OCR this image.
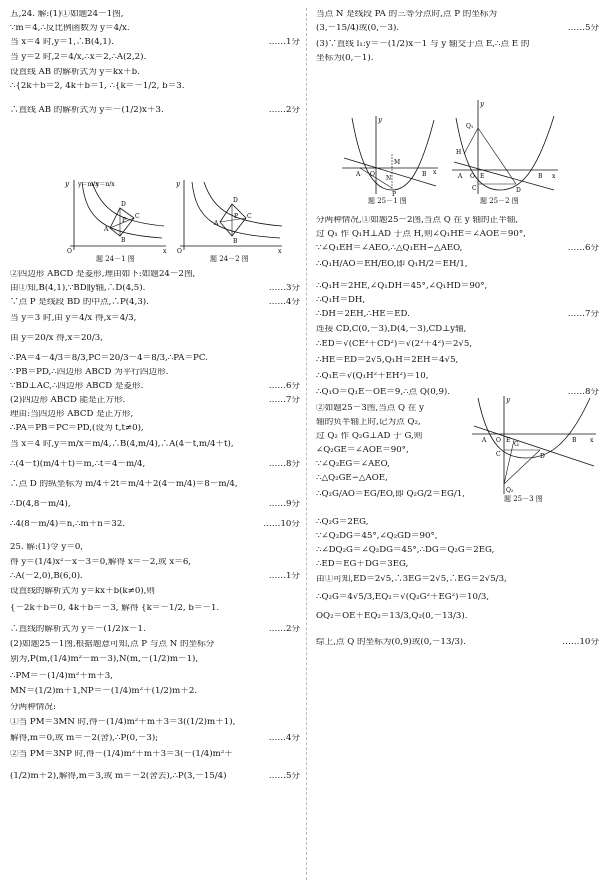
五,24. 解:(1)①如题24－1图,
∵m＝4,∴反比例函数为 y＝4/x.
当 x＝4 时,y＝1,∴B(4,1).	……1分
当 y＝2 时,2＝4/x,∴x＝2,∴A(2,2).
设直线 AB 的解析式为 y＝kx＋b.
∴{2k＋b＝2, 4k＋b＝1, ∴{k＝－1/2, b＝3.
∴直线 AB 的解析式为 y＝－(1/2)x＋3.	……2分
②四边形 ABCD 是菱形,理由如下:如题24－2图,
由①知,B(4,1),∵BD∥y轴,∴D(4,5).	……3分
∵点 P 是线段 BD 的中点,∴P(4,3).	……4分
当 y＝3 时,由 y＝4/x 得,x＝4/3,
由 y＝20/x 得,x＝20/3,
∴PA＝4－4/3＝8/3,PC＝20/3－4＝8/3,∴PA＝PC.
∵PB＝PD,∴四边形 ABCD 为平行四边形.
∵BD⊥AC,∴四边形 ABCD 是菱形.	……6分
(2)四边形 ABCD 能是正方形.	……7分
理由:当四边形 ABCD 是正方形,
∴PA＝PB＝PC＝PD,(设为 t,t≠0),
当 x＝4 时,y＝m/x＝m/4,∴B(4,m/4),∴A(4－t,m/4＋t),
∴(4－t)(m/4＋t)＝m,∴t＝4－m/4,	……8分
∴点 D 的纵坐标为 m/4＋2t＝m/4＋2(4－m/4)＝8－m/4,
∴D(4,8－m/4),	……9分
∴4(8－m/4)＝n,∴m＋n＝32.	……10分
25. 解:(1)令 y＝0,
得 y＝(1/4)x²－x－3＝0,解得 x＝－2,或 x＝6,
∴A(－2,0),B(6,0).	……1分
设直线的解析式为 y＝kx＋b(k≠0),则
{－2k＋b＝0, 4k＋b＝－3, 解得 {k＝－1/2, b＝－1.
∴直线的解析式为 y＝－(1/2)x－1.	……2分
(2)如题25－1图,根据题意可知,点 P 与点 N 的坐标分
别为,P(m,(1/4)m²－m－3),N(m,－(1/2)m－1),
∴PM＝－(1/4)m²＋m＋3,
MN＝(1/2)m＋1,NP＝－(1/4)m²＋(1/2)m＋2.
分两种情况:
①当 PM＝3MN 时,得－(1/4)m²＋m＋3＝3((1/2)m＋1),
解得,m＝0,或 m＝－2(舍),∴P(0,－3);	……4分
②当 PM＝3NP 时,得－(1/4)m²＋m＋3＝3(－(1/4)m²＋
(1/2)m＋2),解得,m＝3,或 m＝－2(舍去),∴P(3,－15/4)	……5分
当点 N 是线段 PA 的三等分点时,点 P 的坐标为
(3,－15/4)或(0,－3).	……5分
(3)∵直线 l₁:y＝－(1/2)x－1 与 y 轴交于点 E,∴点 E 的
坐标为(0,－1).
分两种情况,①如题25－2图,当点 Q 在 y 轴的正半轴,
过 Q₁ 作 Q₁H⊥AD 于点 H,则∠Q₁HE＝∠AOE＝90°,
∵∠Q₁EH＝∠AEO,∴△Q₁EH∽△AEO,	……6分
∴Q₁H/AO＝EH/EO,即 Q₁H/2＝EH/1,
∴Q₁H＝2HE,∠Q₁DH＝45°,∠Q₁HD＝90°,
∴Q₁H＝DH,
∴DH＝2EH,∴HE＝ED.	……7分
连接 CD,C(0,－3),D(4,－3),CD⊥y轴,
∴ED＝√(CE²＋CD²)＝√(2²＋4²)＝2√5,
∴HE＝ED＝2√5,Q₁H＝2EH＝4√5,
∴Q₁E＝√(Q₁H²＋EH²)＝10,
∴Q₁O＝Q₁E－OE＝9,∴点 Q(0,9).	……8分
②如题25－3图,当点 Q 在 y
轴的负半轴上时,记为点 Q₂,
过 Q₂ 作 Q₂G⊥AD 于 G,则
∠Q₂GE＝∠AOE＝90°,
∵∠Q₂EG＝∠AEO,
∴△Q₂GE∽△AOE,
∴Q₂G/AO＝EG/EO,即 Q₂G/2＝EG/1,
∴Q₂G＝2EG,
∵∠Q₂DG＝45°,∠Q₂GD＝90°,
∴∠DQ₂G＝∠Q₂DG＝45°,∴DG＝Q₂G＝2EG,
∴ED＝EG＋DG＝3EG,
由①可知,ED＝2√5,∴3EG＝2√5,∴EG＝2√5/3,
∴Q₂G＝4√5/3,EQ₂＝√(Q₂G²＋EG²)＝10/3,
OQ₂＝OE＋EQ₂＝13/3,Q₂(0,－13/3).
综上,点 Q 的坐标为(0,9)或(0,－13/3).	……10分
y y＝m/x
y＝n/x
D
P
A
C
B
O	x
题 24－1 图
y
D
P
A
C
B
O	x
题 24－2 图
y
M
A O
N
B x
P
题 25－1 图
y
Q₁
H
A O E
C	D
B x
题 25－2 图
y
A O E
G
D
B x
C
Q₂
题 25－3 图
